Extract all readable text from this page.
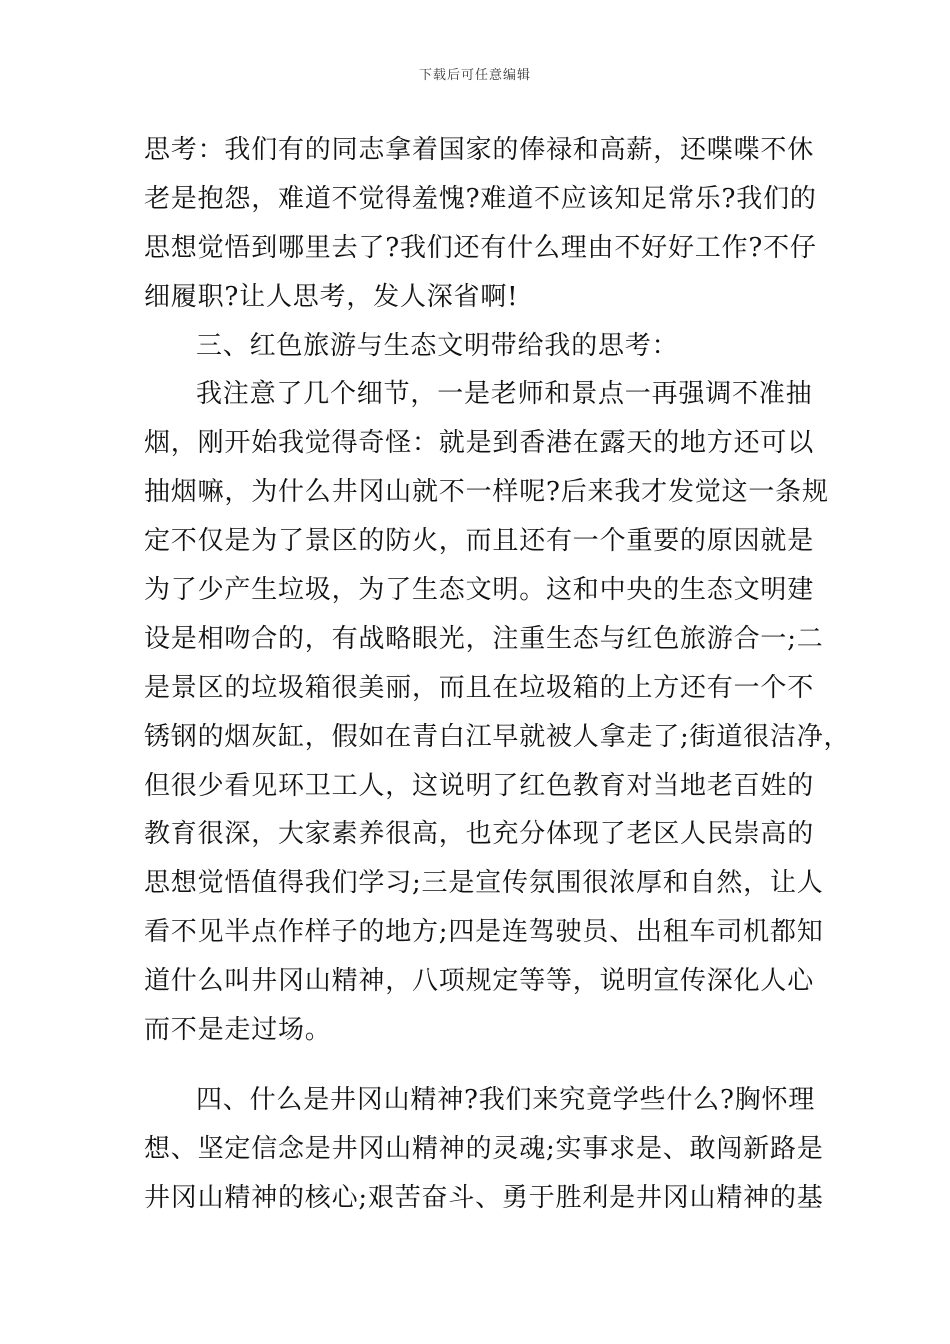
下载后可任意编辑
思考：我们有的同志拿着国家的俸禄和高薪，还喋喋不休
老是抱怨，难道不觉得羞愧?难道不应该知足常乐?我们的
思想觉悟到哪里去了?我们还有什么理由不好好工作?不仔
细履职?让人思考，发人深省啊!
三、红色旅游与生态文明带给我的思考：
我注意了几个细节，一是老师和景点一再强调不准抽
烟，刚开始我觉得奇怪：就是到香港在露天的地方还可以
抽烟嘛，为什么井冈山就不一样呢?后来我才发觉这一条规
定不仅是为了景区的防火，而且还有一个重要的原因就是
为了少产生垃圾，为了生态文明。这和中央的生态文明建
设是相吻合的，有战略眼光，注重生态与红色旅游合一;二
是景区的垃圾箱很美丽，而且在垃圾箱的上方还有一个不
锈钢的烟灰缸，假如在青白江早就被人拿走了;街道很洁净，
但很少看见环卫工人，这说明了红色教育对当地老百姓的
教育很深，大家素养很高，也充分体现了老区人民崇高的
思想觉悟值得我们学习;三是宣传氛围很浓厚和自然，让人
看不见半点作样子的地方;四是连驾驶员、出租车司机都知
道什么叫井冈山精神，八项规定等等，说明宣传深化人心
而不是走过场。
四、什么是井冈山精神?我们来究竟学些什么?胸怀理
想、坚定信念是井冈山精神的灵魂;实事求是、敢闯新路是
井冈山精神的核心;艰苦奋斗、勇于胜利是井冈山精神的基
